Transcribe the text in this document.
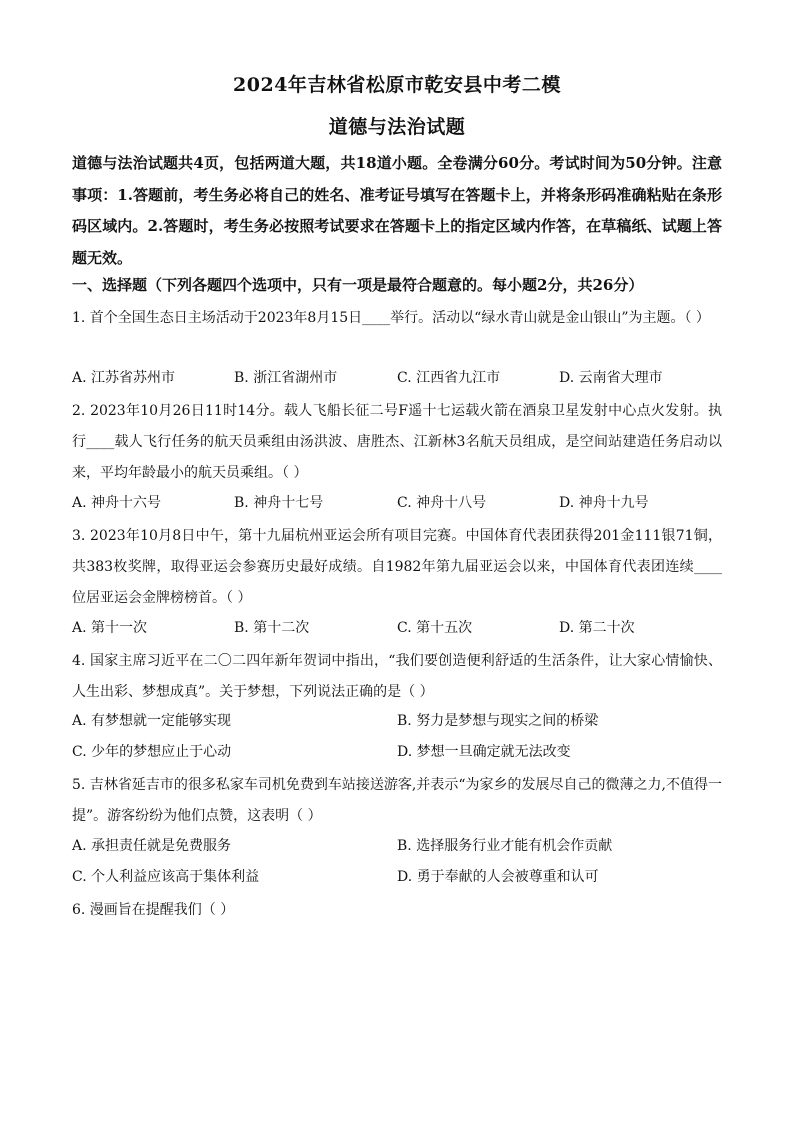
2024年吉林省松原市乾安县中考二模
道德与法治试题
道德与法治试题共4页，包括两道大题，共18道小题。全卷满分60分。考试时间为50分钟。注意事项：1.答题前，考生务必将自己的姓名、准考证号填写在答题卡上，并将条形码准确粘贴在条形码区域内。2.答题时，考生务必按照考试要求在答题卡上的指定区域内作答，在草稿纸、试题上答题无效。
一、选择题（下列各题四个选项中，只有一项是最符合题意的。每小题2分，共26分）
1. 首个全国生态日主场活动于2023年8月15日____举行。活动以“绿水青山就是金山银山”为主题。（ ）
A. 江苏省苏州市	B. 浙江省湖州市	C. 江西省九江市	D. 云南省大理市
2. 2023年10月26日11时14分。载人飞船长征二号F遥十七运载火箭在酒泉卫星发射中心点火发射。执行____载人飞行任务的航天员乘组由汤洪波、唐胜杰、江新林3名航天员组成，是空间站建造任务启动以来，平均年龄最小的航天员乘组。（ ）
A. 神舟十六号	B. 神舟十七号	C. 神舟十八号	D. 神舟十九号
3. 2023年10月8日中午，第十九届杭州亚运会所有项目完赛。中国体育代表团获得201金111银71铜，共383枚奖牌，取得亚运会参赛历史最好成绩。自1982年第九届亚运会以来，中国体育代表团连续____位居亚运会金牌榜榜首。（ ）
A. 第十一次	B. 第十二次	C. 第十五次	D. 第二十次
4. 国家主席习近平在二〇二四年新年贺词中指出，“我们要创造便利舒适的生活条件，让大家心情愉快、人生出彩、梦想成真”。关于梦想，下列说法正确的是（ ）
A. 有梦想就一定能够实现	B. 努力是梦想与现实之间的桥梁
C. 少年的梦想应止于心动	D. 梦想一旦确定就无法改变
5. 吉林省延吉市的很多私家车司机免费到车站接送游客,并表示“为家乡的发展尽自己的微薄之力,不值得一提”。游客纷纷为他们点赞，这表明（ ）
A. 承担责任就是免费服务	B. 选择服务行业才能有机会作贡献
C. 个人利益应该高于集体利益	D. 勇于奉献的人会被尊重和认可
6. 漫画旨在提醒我们（ ）
